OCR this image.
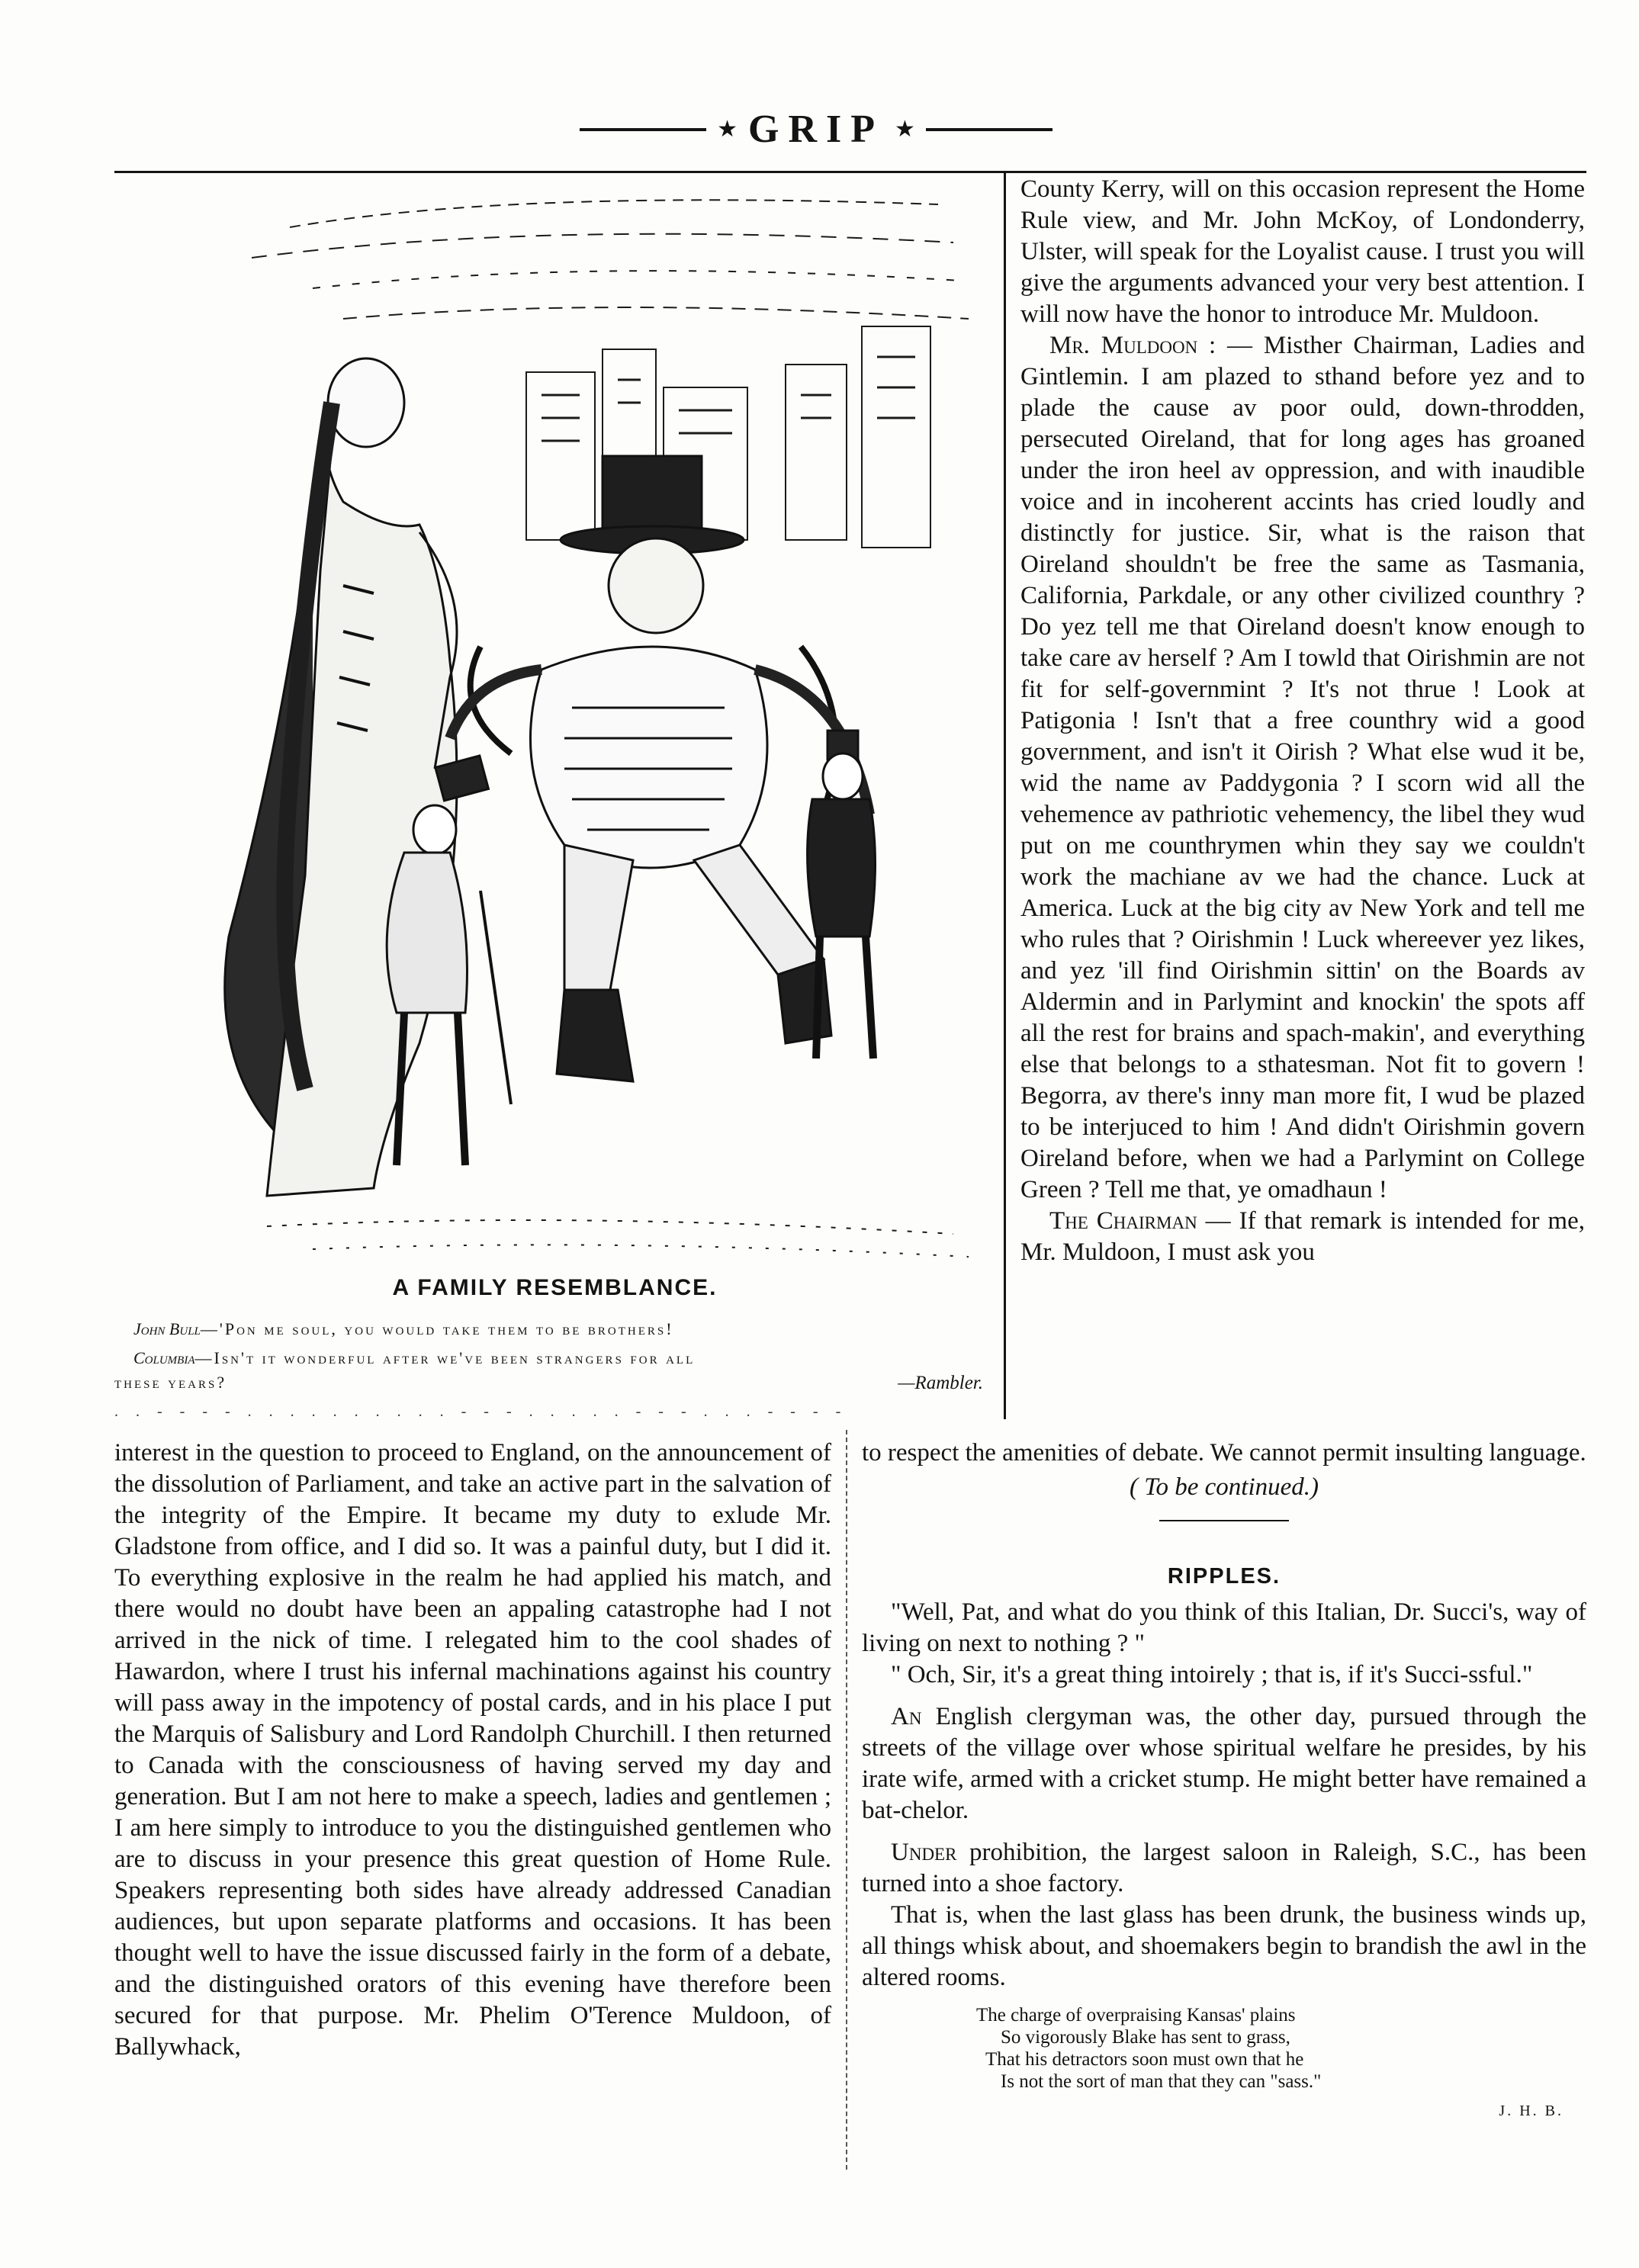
★ GRIP ★
A FAMILY RESEMBLANCE.
John Bull—'Pon me soul, you would take them to be brothers!
Columbia—Isn't it wonderful after we've been strangers for all
these years?	—Rambler.
. . - - - - . . . . . . . . . . - - - . . . . . - - - . . . - - - -

County Kerry, will on this occasion represent the Home Rule view, and Mr. John McKoy, of Londonderry, Ulster, will speak for the Loyalist cause. I trust you will give the arguments advanced your very best attention. I will now have the honor to introduce Mr. Muldoon.

Mr. Muldoon : — Misther Chairman, Ladies and Gintlemin. I am plazed to sthand before yez and to plade the cause av poor ould, down-throdden, persecuted Oireland, that for long ages has groaned under the iron heel av oppression, and with inaudible voice and in incoherent accints has cried loudly and distinctly for justice. Sir, what is the raison that Oireland shouldn't be free the same as Tasmania, California, Parkdale, or any other civilized counthry ? Do yez tell me that Oireland doesn't know enough to take care av herself ? Am I towld that Oirishmin are not fit for self-governmint ? It's not thrue ! Look at Patigonia ! Isn't that a free counthry wid a good government, and isn't it Oirish ? What else wud it be, wid the name av Paddygonia ? I scorn wid all the vehemence av pathriotic vehemency, the libel they wud put on me counthrymen whin they say we couldn't work the machiane av we had the chance. Luck at America. Luck at the big city av New York and tell me who rules that ? Oirishmin ! Luck whereever yez likes, and yez 'ill find Oirishmin sittin' on the Boards av Aldermin and in Parlymint and knockin' the spots aff all the rest for brains and spach-makin', and everything else that belongs to a sthatesman. Not fit to govern ! Begorra, av there's inny man more fit, I wud be plazed to be interjuced to him ! And didn't Oirishmin govern Oireland before, when we had a Parlymint on College Green ? Tell me that, ye omadhaun !

The Chairman — If that remark is intended for me, Mr. Muldoon, I must ask you

interest in the question to proceed to England, on the announcement of the dissolution of Parliament, and take an active part in the salvation of the integrity of the Empire. It became my duty to exlude Mr. Gladstone from office, and I did so. It was a painful duty, but I did it. To everything explosive in the realm he had applied his match, and there would no doubt have been an appaling catastrophe had I not arrived in the nick of time. I relegated him to the cool shades of Hawardon, where I trust his infernal machinations against his country will pass away in the impotency of postal cards, and in his place I put the Marquis of Salisbury and Lord Randolph Churchill. I then returned to Canada with the consciousness of having served my day and generation. But I am not here to make a speech, ladies and gentlemen ; I am here simply to introduce to you the distinguished gentlemen who are to discuss in your presence this great question of Home Rule. Speakers representing both sides have already addressed Canadian audiences, but upon separate platforms and occasions. It has been thought well to have the issue discussed fairly in the form of a debate, and the distinguished orators of this evening have therefore been secured for that purpose. Mr. Phelim O'Terence Muldoon, of Ballywhack,

to respect the amenities of debate. We cannot permit insulting language.

( To be continued.)

RIPPLES.

"Well, Pat, and what do you think of this Italian, Dr. Succi's, way of living on next to nothing ? "

" Och, Sir, it's a great thing intoirely ; that is, if it's Succi-ssful."

An English clergyman was, the other day, pursued through the streets of the village over whose spiritual welfare he presides, by his irate wife, armed with a cricket stump. He might better have remained a bat-chelor.

Under prohibition, the largest saloon in Raleigh, S.C., has been turned into a shoe factory.

That is, when the last glass has been drunk, the business winds up, all things whisk about, and shoemakers begin to brandish the awl in the altered rooms.

The charge of overpraising Kansas' plains
So vigorously Blake has sent to grass,
That his detractors soon must own that he
Is not the sort of man that they can "sass."
J. H. B.
